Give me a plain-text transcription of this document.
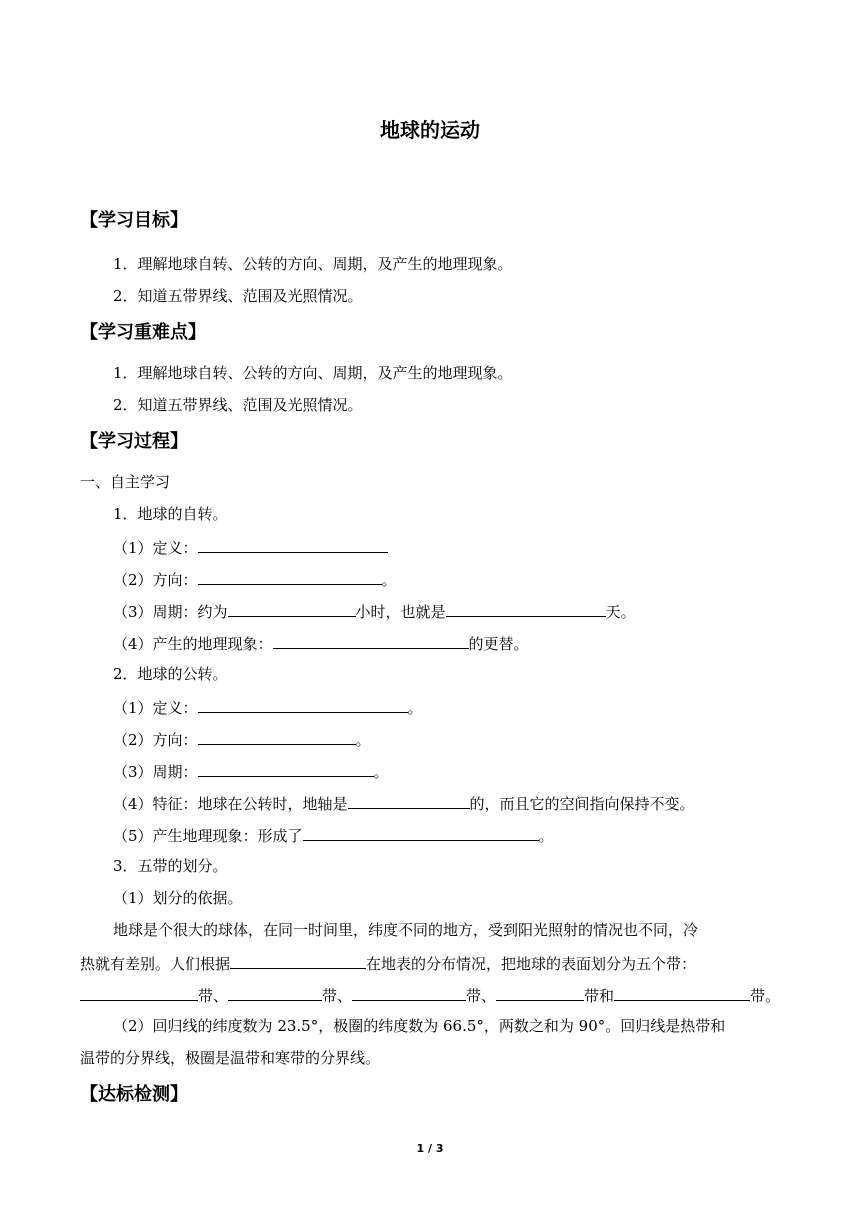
地球的运动
【学习目标】
1．理解地球自转、公转的方向、周期，及产生的地理现象。
2．知道五带界线、范围及光照情况。
【学习重难点】
1．理解地球自转、公转的方向、周期，及产生的地理现象。
2．知道五带界线、范围及光照情况。
【学习过程】
一、自主学习
1．地球的自转。
（1）定义：
（2）方向：	。
（3）周期：约为	小时，也就是	天。
（4）产生的地理现象：	的更替。
2．地球的公转。
（1）定义：	。
（2）方向：	。
（3）周期：	。
（4）特征：地球在公转时，地轴是	的，而且它的空间指向保持不变。
（5）产生地理现象：形成了	。
3．五带的划分。
（1）划分的依据。
地球是个很大的球体，在同一时间里，纬度不同的地方，受到阳光照射的情况也不同，冷
热就有差别。人们根据	在地表的分布情况，把地球的表面划分为五个带：
带、	带、	带、	带和	带。
（2）回归线的纬度数为 23.5°，极圈的纬度数为 66.5°，两数之和为 90°。回归线是热带和
温带的分界线，极圈是温带和寒带的分界线。
【达标检测】
1 / 3
